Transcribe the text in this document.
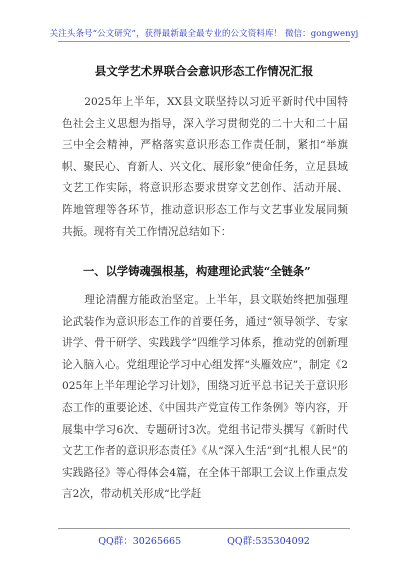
关注头条号“公文研究”，获得最新最全最专业的公文资料库！ 微信：gongwenyj
县文学艺术界联合会意识形态工作情况汇报

2025年上半年，XX县文联坚持以习近平新时代中国特色社会主义思想为指导，深入学习贯彻党的二十大和二十届三中全会精神，严格落实意识形态工作责任制，紧扣“举旗帜、聚民心、育新人、兴文化、展形象”使命任务，立足县域文艺工作实际，将意识形态要求贯穿文艺创作、活动开展、阵地管理等各环节，推动意识形态工作与文艺事业发展同频共振。现将有关工作情况总结如下：

一、以学铸魂强根基，构建理论武装“全链条”

理论清醒方能政治坚定。上半年，县文联始终把加强理论武装作为意识形态工作的首要任务，通过“领导领学、专家讲学、骨干研学、实践践学”四维学习体系，推动党的创新理论入脑入心。党组理论学习中心组发挥“头雁效应”，制定《2025年上半年理论学习计划》，围绕习近平总书记关于意识形态工作的重要论述、《中国共产党宣传工作条例》等内容，开展集中学习6次、专题研讨3次。党组书记带头撰写《新时代文艺工作者的意识形态责任》《从“深入生活”到“扎根人民”的实践路径》等心得体会4篇，在全体干部职工会议上作重点发言2次，带动机关形成“比学赶

QQ群：30265665	QQ群:535304092
